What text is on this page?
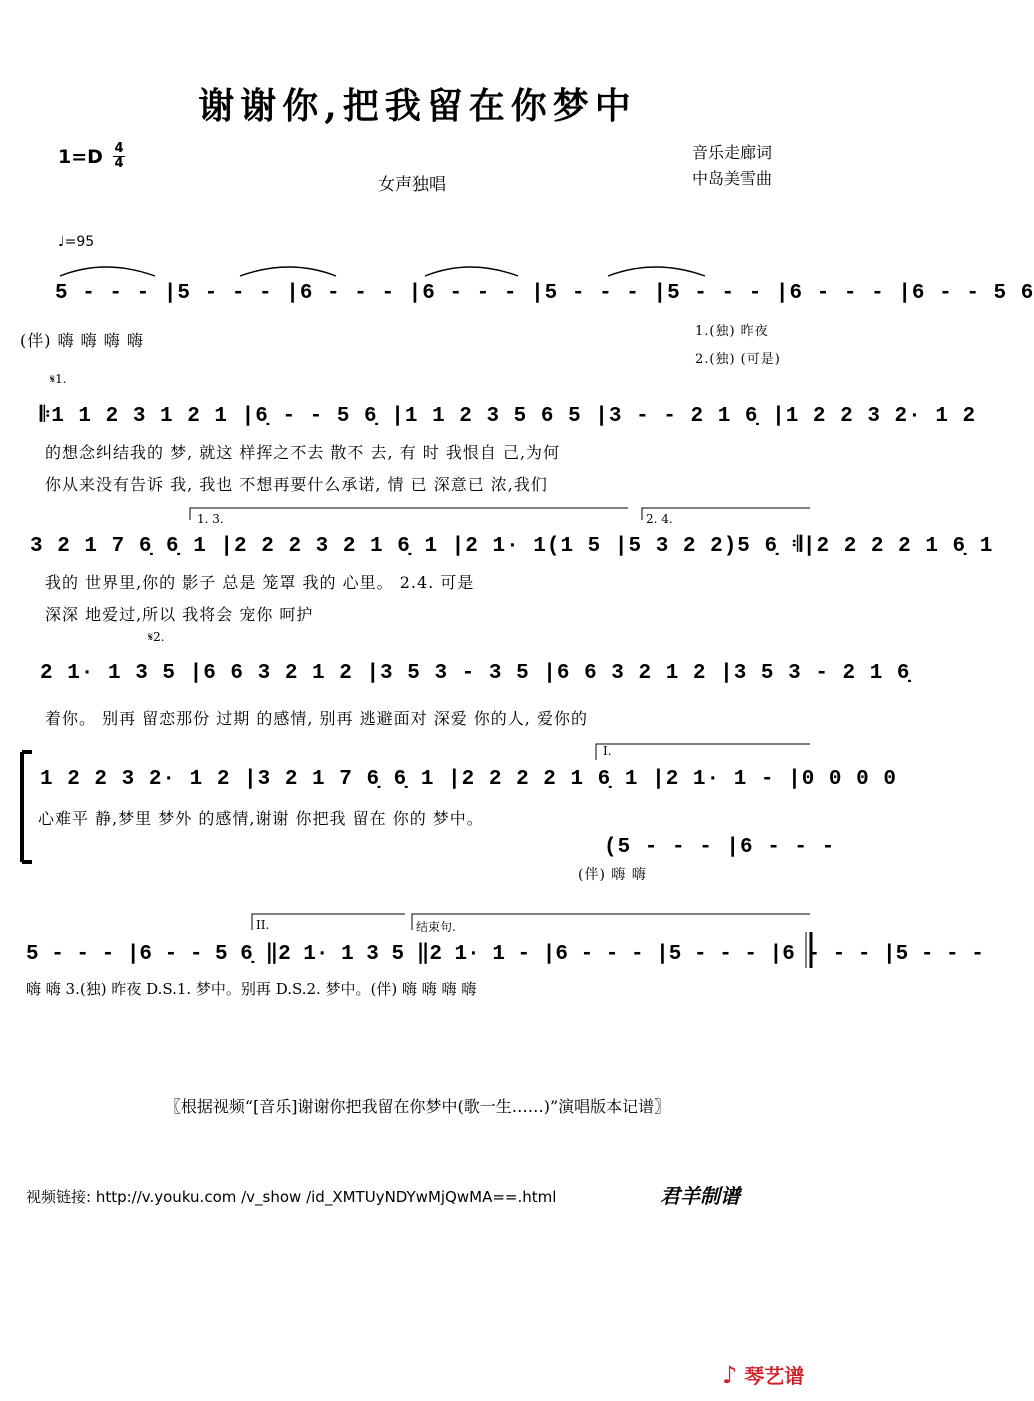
谢谢你,把我留在你梦中
1=D 4
4
女声独唱
音乐走廊词
中岛美雪曲
♩=95
5 - - - |5 - - - |6 - - - |6 - - - |5 - - - |5 - - - |6 - - - |6 - - 5 6
(伴) 嗨 嗨 嗨 嗨	1.(独) 昨夜
2.(独) (可是)
𝄋1.
𝄆1 1 2 3 1 2 1 |6̣ - - 5 6̣ |1 1 2 3 5 6 5 |3 - - 2 1 6̣ |1 2 2 3 2· 1 2
的想念纠结我的 梦, 就这 样挥之不去 散不 去, 有 时 我恨自 己,为何
你从来没有告诉 我, 我也 不想再要什么承诺, 情 已 深意已 浓,我们
1. 3.	2. 4.
3 2 1 7 6̣ 6̣ 1 |2 2 2 3 2 1 6̣ 1 |2 1· 1(1 5 |5 3 2 2)5 6̣ 𝄇|2 2 2 2 1 6̣ 1
我的 世界里,你的 影子 总是 笼罩 我的 心里。 2.4. 可是
深深 地爱过,所以 我将会 宠你 呵护
𝄋2.
2 1· 1 3 5 |6 6 3 2 1 2 |3 5 3 - 3 5 |6 6 3 2 1 2 |3 5 3 - 2 1 6̣
着你。 别再 留恋那份 过期 的感情, 别再 逃避面对 深爱 你的人, 爱你的
I.
1 2 2 3 2· 1 2 |3 2 1 7 6̣ 6̣ 1 |2 2 2 2 1 6̣ 1 |2 1· 1 - |0 0 0 0
心难平 静,梦里 梦外 的感情,谢谢 你把我 留在 你的 梦中。
(5 - - - |6 - - -
(伴) 嗨 嗨
II.	结束句.
5 - - - |6 - - 5 6̣ ‖2 1· 1 3 5 ‖2 1· 1 - |6 - - - |5 - - - |6 - - - |5 - - -
嗨 嗨 3.(独) 昨夜 D.S.1. 梦中。别再 D.S.2. 梦中。(伴) 嗨 嗨 嗨 嗨
〖根据视频“[音乐]谢谢你把我留在你梦中(歌一生……)”演唱版本记谱〗
视频链接: http://v.youku.com /v_show /id_XMTUyNDYwMjQwMA==.html	君羊制谱
♪ 琴艺谱
